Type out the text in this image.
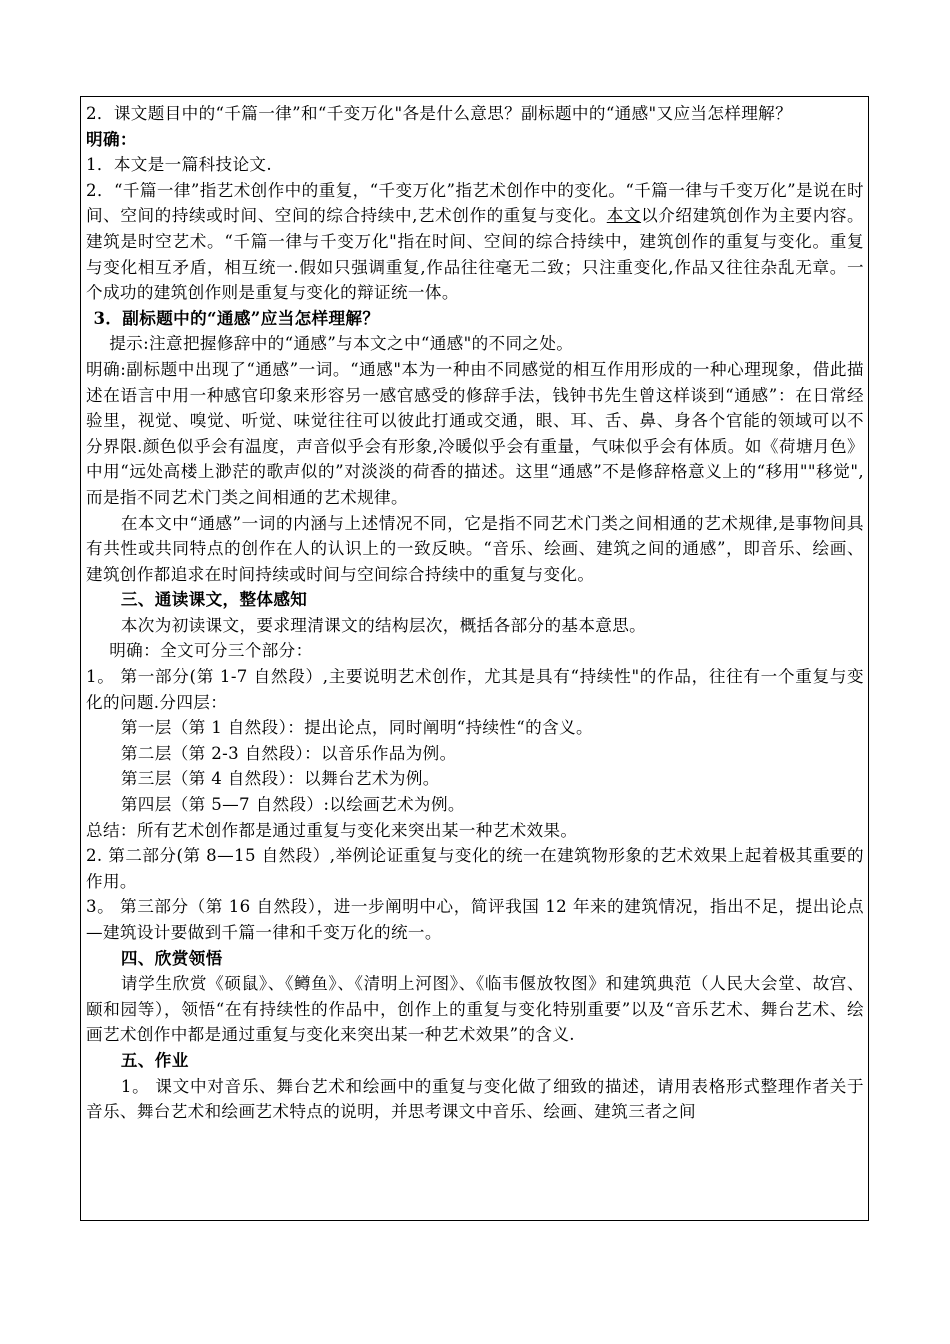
2．课文题目中的“千篇一律”和“千变万化"各是什么意思？副标题中的“通感"又应当怎样理解？

明确：

1．本文是一篇科技论文.

2．“千篇一律”指艺术创作中的重复，“千变万化”指艺术创作中的变化。“千篇一律与千变万化”是说在时间、空间的持续或时间、空间的综合持续中,艺术创作的重复与变化。本文以介绍建筑创作为主要内容。建筑是时空艺术。“千篇一律与千变万化"指在时间、空间的综合持续中，建筑创作的重复与变化。重复与变化相互矛盾，相互统一.假如只强调重复,作品往往毫无二致；只注重变化,作品又往往杂乱无章。一个成功的建筑创作则是重复与变化的辩证统一体。

3．副标题中的“通感”应当怎样理解？

提示:注意把握修辞中的“通感”与本文之中“通感"的不同之处。

明确:副标题中出现了“通感”一词。“通感"本为一种由不同感觉的相互作用形成的一种心理现象，借此描述在语言中用一种感官印象来形容另一感官感受的修辞手法，钱钟书先生曾这样谈到“通感”：在日常经验里，视觉、嗅觉、听觉、味觉往往可以彼此打通或交通，眼、耳、舌、鼻、身各个官能的领域可以不分界限.颜色似乎会有温度，声音似乎会有形象,冷暖似乎会有重量，气味似乎会有体质。如《荷塘月色》中用“远处高楼上渺茫的歌声似的”对淡淡的荷香的描述。这里“通感”不是修辞格意义上的“移用""移觉",而是指不同艺术门类之间相通的艺术规律。

在本文中“通感”一词的内涵与上述情况不同，它是指不同艺术门类之间相通的艺术规律,是事物间具有共性或共同特点的创作在人的认识上的一致反映。“音乐、绘画、建筑之间的通感”，即音乐、绘画、建筑创作都追求在时间持续或时间与空间综合持续中的重复与变化。

三、通读课文，整体感知

本次为初读课文，要求理清课文的结构层次，概括各部分的基本意思。

明确：全文可分三个部分：

1。 第一部分(第 1-7 自然段）,主要说明艺术创作，尤其是具有“持续性"的作品，往往有一个重复与变化的问题.分四层：

第一层（第 1 自然段）：提出论点，同时阐明“持续性“的含义。

第二层（第 2-3 自然段）：以音乐作品为例。

第三层（第 4 自然段）：以舞台艺术为例。

第四层（第 5—7 自然段）:以绘画艺术为例。

总结：所有艺术创作都是通过重复与变化来突出某一种艺术效果。

2. 第二部分(第 8—15 自然段）,举例论证重复与变化的统一在建筑物形象的艺术效果上起着极其重要的作用。

3。 第三部分（第 16 自然段），进一步阐明中心，简评我国 12 年来的建筑情况，指出不足，提出论点—建筑设计要做到千篇一律和千变万化的统一。

四、欣赏领悟

请学生欣赏《硕鼠》、《鳟鱼》、《清明上河图》、《临韦偃放牧图》和建筑典范（人民大会堂、故宫、颐和园等），领悟“在有持续性的作品中，创作上的重复与变化特别重要”以及“音乐艺术、舞台艺术、绘画艺术创作中都是通过重复与变化来突出某一种艺术效果”的含义.

五、作业

1。 课文中对音乐、舞台艺术和绘画中的重复与变化做了细致的描述，请用表格形式整理作者关于音乐、舞台艺术和绘画艺术特点的说明，并思考课文中音乐、绘画、建筑三者之间
